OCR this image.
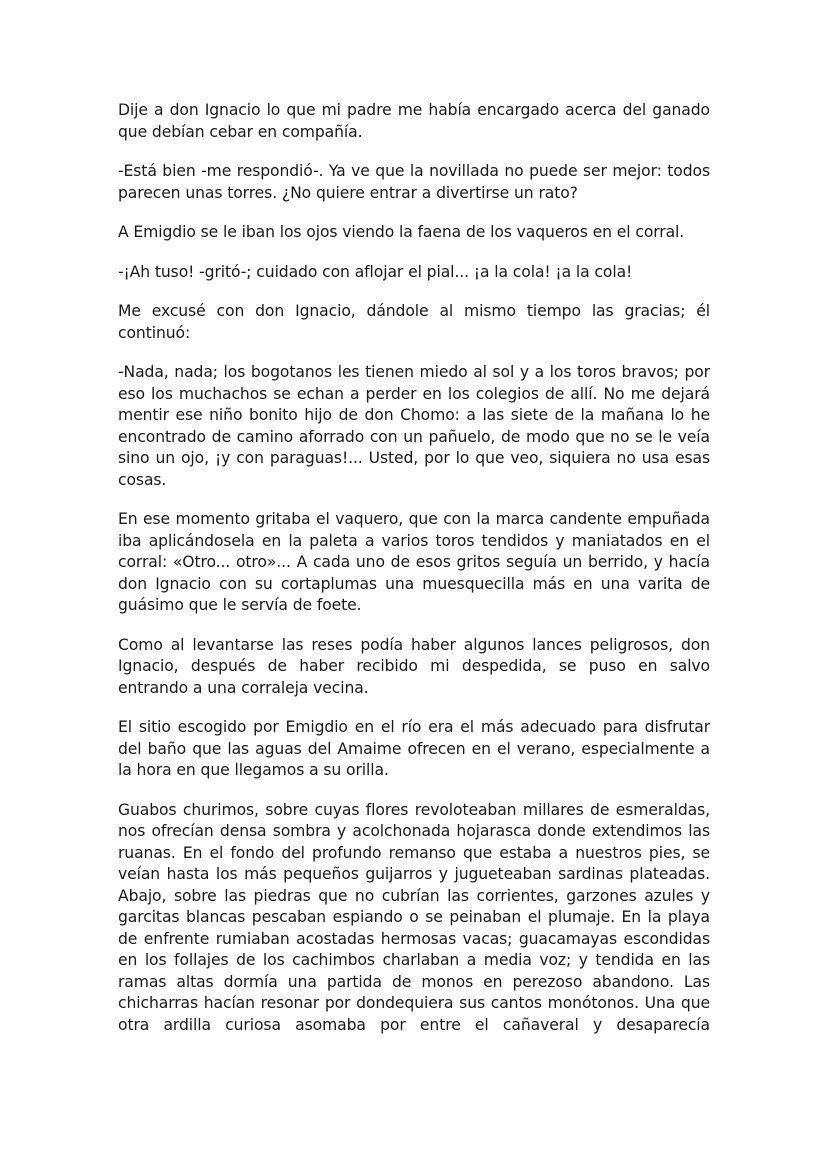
Dije a don Ignacio lo que mi padre me había encargado acerca del ganado que debían cebar en compañía.

-Está bien -me respondió-. Ya ve que la novillada no puede ser mejor: todos parecen unas torres. ¿No quiere entrar a divertirse un rato?

A Emigdio se le iban los ojos viendo la faena de los vaqueros en el corral.

-¡Ah tuso! -gritó-; cuidado con aflojar el pial... ¡a la cola! ¡a la cola!

Me excusé con don Ignacio, dándole al mismo tiempo las gracias; él continuó:

-Nada, nada; los bogotanos les tienen miedo al sol y a los toros bravos; por eso los muchachos se echan a perder en los colegios de allí. No me dejará mentir ese niño bonito hijo de don Chomo: a las siete de la mañana lo he encontrado de camino aforrado con un pañuelo, de modo que no se le veía sino un ojo, ¡y con paraguas!... Usted, por lo que veo, siquiera no usa esas cosas.

En ese momento gritaba el vaquero, que con la marca candente empuñada iba aplicándosela en la paleta a varios toros tendidos y maniatados en el corral: «Otro... otro»... A cada uno de esos gritos seguía un berrido, y hacía don Ignacio con su cortaplumas una muesquecilla más en una varita de guásimo que le servía de foete.

Como al levantarse las reses podía haber algunos lances peligrosos, don Ignacio, después de haber recibido mi despedida, se puso en salvo entrando a una corraleja vecina.

El sitio escogido por Emigdio en el río era el más adecuado para disfrutar del baño que las aguas del Amaime ofrecen en el verano, especialmente a la hora en que llegamos a su orilla.

Guabos churimos, sobre cuyas flores revoloteaban millares de esmeraldas, nos ofrecían densa sombra y acolchonada hojarasca donde extendimos las ruanas. En el fondo del profundo remanso que estaba a nuestros pies, se veían hasta los más pequeños guijarros y jugueteaban sardinas plateadas. Abajo, sobre las piedras que no cubrían las corrientes, garzones azules y garcitas blancas pescaban espiando o se peinaban el plumaje. En la playa de enfrente rumiaban acostadas hermosas vacas; guacamayas escondidas en los follajes de los cachimbos charlaban a media voz; y tendida en las ramas altas dormía una partida de monos en perezoso abandono. Las chicharras hacían resonar por dondequiera sus cantos monótonos. Una que otra ardilla curiosa asomaba por entre el cañaveral y desaparecía
